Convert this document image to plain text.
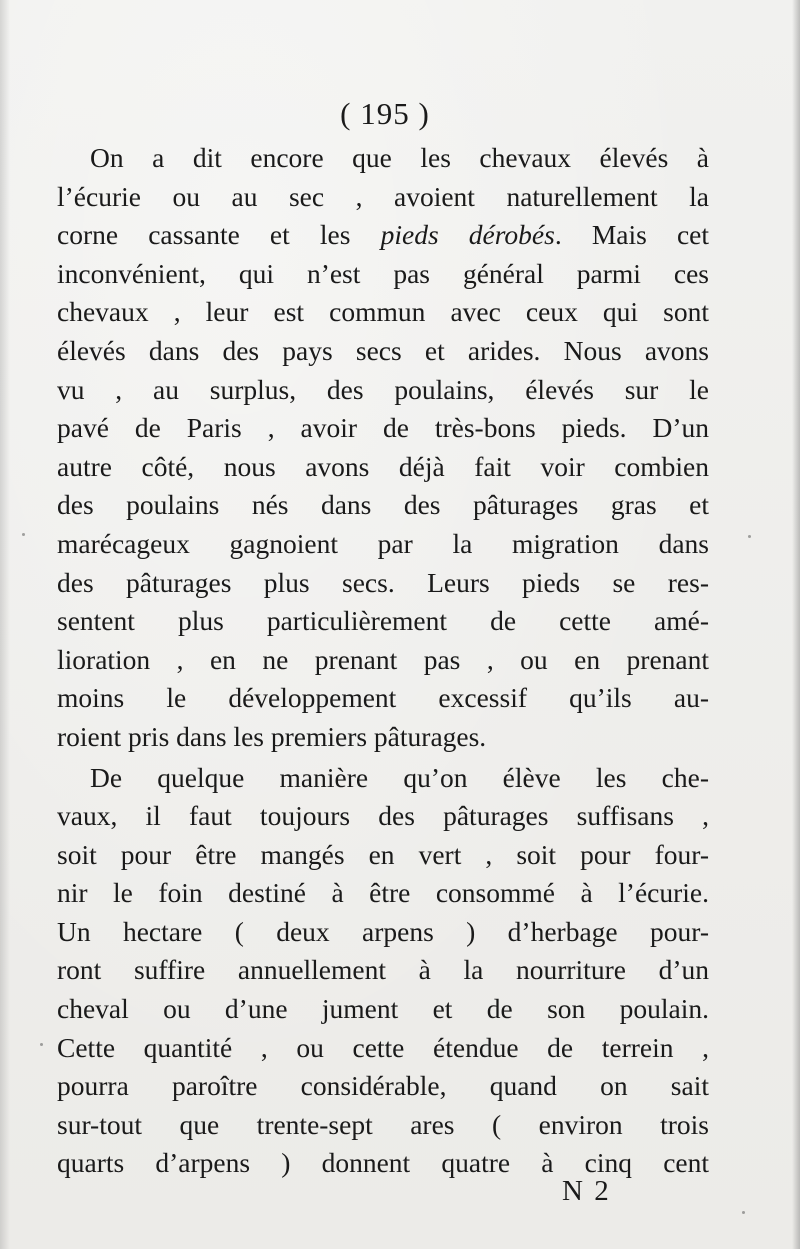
( 195 )
On a dit encore que les chevaux élevés à
l’écurie ou au sec , avoient naturellement la
corne cassante et les pieds dérobés. Mais cet
inconvénient, qui n’est pas général parmi ces
chevaux , leur est commun avec ceux qui sont
élevés dans des pays secs et arides. Nous avons
vu , au surplus, des poulains, élevés sur le
pavé de Paris , avoir de très-bons pieds. D’un
autre côté, nous avons déjà fait voir combien
des poulains nés dans des pâturages gras et
marécageux gagnoient par la migration dans
des pâturages plus secs. Leurs pieds se res-
sentent plus particulièrement de cette amé-
lioration , en ne prenant pas , ou en prenant
moins le développement excessif qu’ils au-
roient pris dans les premiers pâturages.
De quelque manière qu’on élève les che-
vaux, il faut toujours des pâturages suffisans ,
soit pour être mangés en vert , soit pour four-
nir le foin destiné à être consommé à l’écurie.
Un hectare ( deux arpens ) d’herbage pour-
ront suffire annuellement à la nourriture d’un
cheval ou d’une jument et de son poulain.
Cette quantité , ou cette étendue de terrein ,
pourra paroître considérable, quand on sait
sur-tout que trente-sept ares ( environ trois
quarts d’arpens ) donnent quatre à cinq cent
N 2
